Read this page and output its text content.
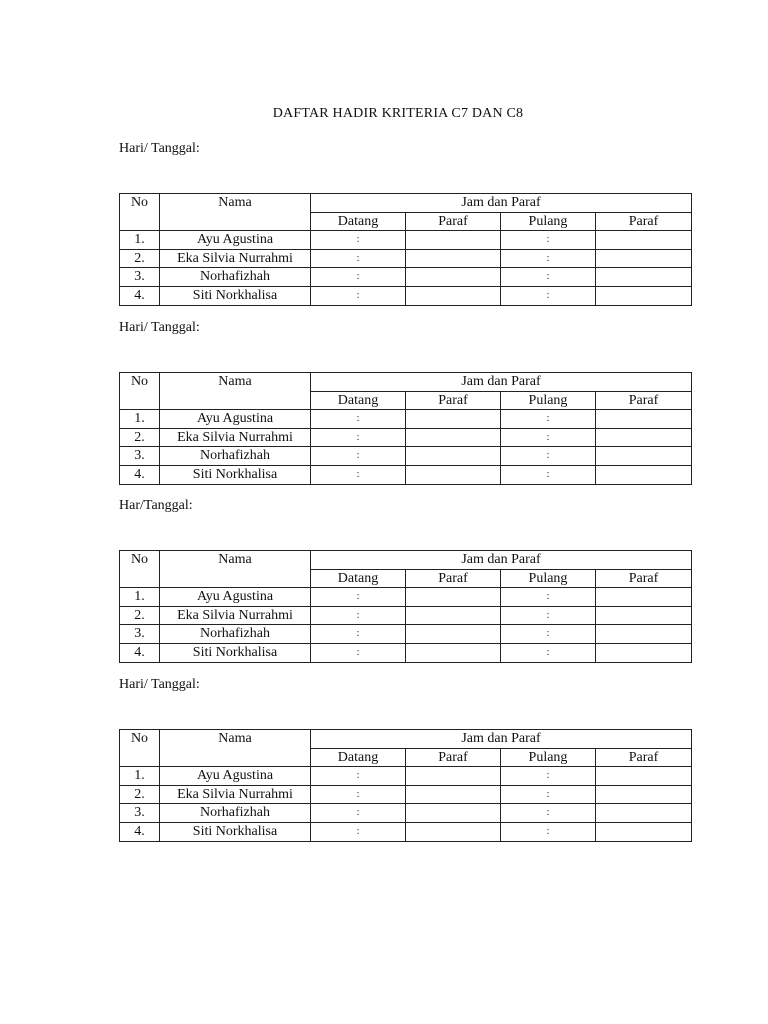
DAFTAR HADIR KRITERIA C7 DAN C8
Hari/ Tanggal:
No	Nama	Jam dan Paraf			
		Datang	Paraf	Pulang	Paraf
1.	Ayu Agustina	:		:	
2.	Eka Silvia Nurrahmi	:		:	
3.	Norhafizhah	:		:	
4.	Siti Norkhalisa	:		:	
Hari/ Tanggal:
No	Nama	Jam dan Paraf			
		Datang	Paraf	Pulang	Paraf
1.	Ayu Agustina	:		:	
2.	Eka Silvia Nurrahmi	:		:	
3.	Norhafizhah	:		:	
4.	Siti Norkhalisa	:		:	
Har/Tanggal:
No	Nama	Jam dan Paraf			
		Datang	Paraf	Pulang	Paraf
1.	Ayu Agustina	:		:	
2.	Eka Silvia Nurrahmi	:		:	
3.	Norhafizhah	:		:	
4.	Siti Norkhalisa	:		:	
Hari/ Tanggal:
No	Nama	Jam dan Paraf			
		Datang	Paraf	Pulang	Paraf
1.	Ayu Agustina	:		:	
2.	Eka Silvia Nurrahmi	:		:	
3.	Norhafizhah	:		:	
4.	Siti Norkhalisa	:		:	
